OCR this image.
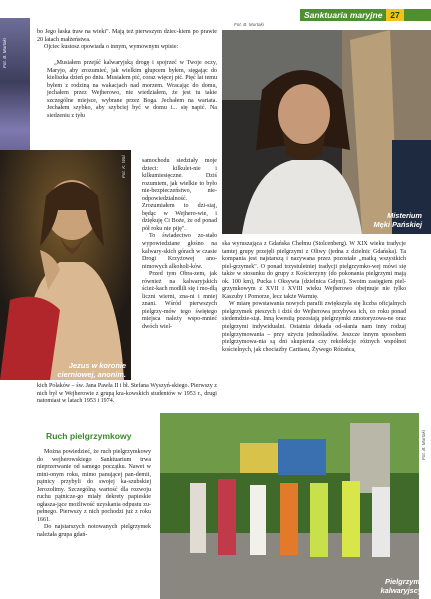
Sanktuaria maryjne 27
Fot. B. Murtaki

bo Jego łaska traw na wieki". Mają też pierwszym dziec-kiem po prawie 20 latach małżeństwa.

Ojciec kustosz opowiada o innym, wymownym wpisie:

„Musiałem przejść kalwaryjską drogę i spojrzeć w Twoje oczy, Maryjo, aby zrozumieć, jak wielkim głupcem byłem, sięgając do kieliszka dzień po dniu. Musiałem pić, coraz więcej pić. Pięć lat temu byłem z rodziną na wakacjach nad morzem. Wracając do domu, jechałem przez Wejherowo, nie wiedziałem, że jest tu takie szczególne miejsce, wybrane przez Boga. Jechałem na wariata. Jechałem szybko, aby szybciej być w domu i... się napić. Na siedzeniu z tyłu

Fot. K. Wal
Jezus w koronie
cierniowej, anonim.

samochodu siedziały moje dzieci: kilkulet-nie i kilkumiesięczne. Dziś rozumiem, jak wielkie to było nie-bezpieczeństwo, nie-odpowiedzialność. Zrozumiałem to dzi-siaj, będąc w Wejhero-wie, i dziękuję Ci Boże, że od ponad pół roku nie piję".

To świadectwo zo-stało wypowiedziane głośno na kalwary-skich górach w czasie Drogi Krzyżowej ano-nimowych alkoholi-ków.

Przed tym Obra-zem, jak również na kalwaryjskich ścież-kach modlili się i mo-dlą liczni wierni, zna-ni i mniej znani. Wśród pierwszych pielgrzy-mów tego świętego miejsca należy wspo-mnieć dwóch wiel-

kich Polaków – św. Jana Pawła II i bł. Stefana Wyszyń-skiego. Pierwszy z nich był w Wejherowie z grupą kra-kowskich studentów w 1953 r., drugi natomiast w latach 1953 i 1974.

Fot. B. Murtaki
Misterium
Męki Pańskiej

ska wyruszająca z Gdańska Chełmu (Stolcenberg). W XIX wieku tradycje tamtej grupy przejęli pielgrzymi z Oliwy (jedna z dzielnic Gdańska). Ta kompania jest najstarszą i nazywana przez pozostałe „matką wszystkich piel-grzymek". O ponad trzystuletniej tradycji pielgrzymko-wej mówi się także w stosunku do grupy z Kościerzyny (do pokonania pielgrzymi mają ok. 100 km), Pucka i Oksywia (dzielnica Gdyni). Swoim zasięgiem piel-grzymkowym z XVII i XVIII wieku Wejherowo obejmuje nie tylko Kaszuby i Pomorze, lecz także Warmię.

W miarę powstawania nowych parafii zwiększyła się liczba oficjalnych pielgrzymek pieszych i dziś do Wejherowa przybywa ich, co roku ponad siedemdzie-siąt. Inną kwestią pozostają pielgrzymki zmotoryzowa-ne oraz pielgrzymi indywidualni. Ostatnia dekada od-słania nam inny rodzaj pielgrzymowania – przy użyciu jednośladów. Jeszcze innym sposobem pielgrzymowa-nia są dni skupienia czy rekolekcje różnych wspólnot kościelnych, jak chociażby Caritasu, Żywego Różańca,

Ruch pielgrzymkowy

Można powiedzieć, że ruch pielgrzymkowy do wejherowskiego Sanktuarium trwa nieprzerwanie od samego początku. Nawet w mini-onym roku, mimo panującej pan-demii, pątnicy przybyli do swojej ka-szubskiej Jerozolimy. Szczególną wartość dla rozwoju ruchu pątnicze-go miały dekrety papieskie ogłasza-jące możliwość uzyskania odpustu zu-pełnego. Pierwszy z nich pochodzi już z roku 1661.

Do najstarszych notowanych pielgrzymek należała grupa gdań-

Fot. B. Murtaki
Pielgrzymi
kalwaryjscy
